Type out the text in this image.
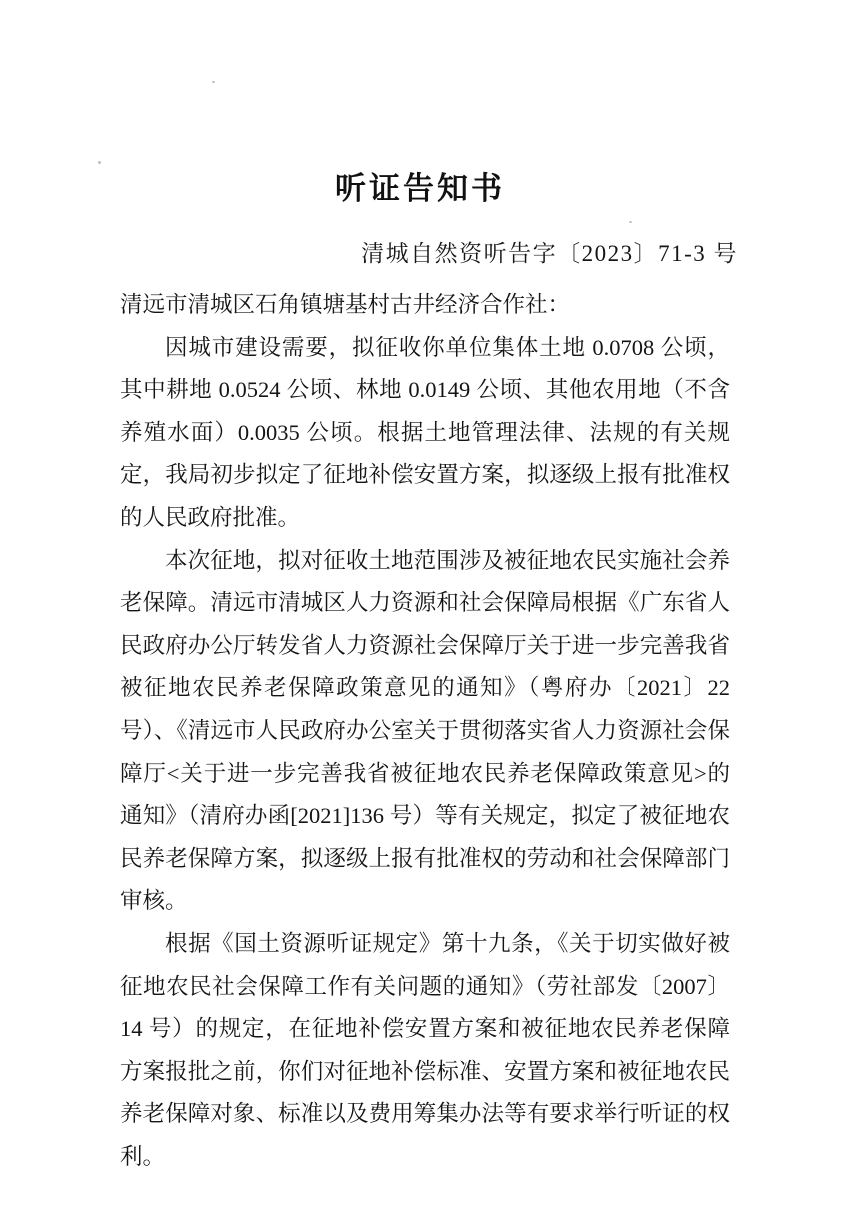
听证告知书
清城自然资听告字〔2023〕71-3 号

清远市清城区石角镇塘基村古井经济合作社：

因城市建设需要，拟征收你单位集体土地 0.0708 公顷，其中耕地 0.0524 公顷、林地 0.0149 公顷、其他农用地（不含养殖水面）0.0035 公顷。根据土地管理法律、法规的有关规定，我局初步拟定了征地补偿安置方案，拟逐级上报有批准权的人民政府批准。

本次征地，拟对征收土地范围涉及被征地农民实施社会养老保障。清远市清城区人力资源和社会保障局根据《广东省人民政府办公厅转发省人力资源社会保障厅关于进一步完善我省被征地农民养老保障政策意见的通知》（粤府办〔2021〕22 号）、《清远市人民政府办公室关于贯彻落实省人力资源社会保障厅<关于进一步完善我省被征地农民养老保障政策意见>的通知》（清府办函[2021]136 号）等有关规定，拟定了被征地农民养老保障方案，拟逐级上报有批准权的劳动和社会保障部门审核。

根据《国土资源听证规定》第十九条，《关于切实做好被征地农民社会保障工作有关问题的通知》（劳社部发〔2007〕14 号）的规定，在征地补偿安置方案和被征地农民养老保障方案报批之前，你们对征地补偿标准、安置方案和被征地农民养老保障对象、标准以及费用筹集办法等有要求举行听证的权利。
